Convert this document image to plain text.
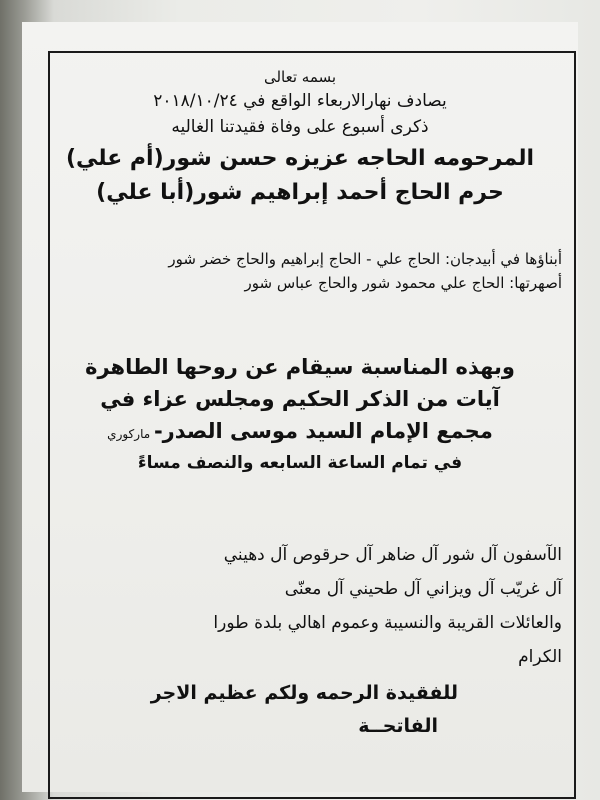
بسمه تعالى
يصادف نهارالاربعاء الواقع في ٢٠١٨/١٠/٢٤
ذكرى أسبوع على وفاة فقيدتنا الغاليه
المرحومه الحاجه عزيزه حسن شور(أم علي)
حرم الحاج أحمد إبراهيم شور(أبا علي)
أبناؤها في أبيدجان: الحاج علي - الحاج إبراهيم والحاج خضر شور
أصهرتها: الحاج علي محمود شور والحاج عباس شور
وبهذه المناسبة سيقام عن روحها الطاهرة
آيات من الذكر الحكيم ومجلس عزاء في
مجمع الإمام السيد موسى الصدر- ماركوري
في تمام الساعة السابعه والنصف مساءً
الآسفون آل شور آل ضاهر آل حرقوص آل دهيني
آل غريّب آل ويزاني آل طحيني آل معنّى
والعائلات القريبة والنسيبة وعموم اهالي بلدة طورا
الكرام
للفقيدة الرحمه ولكم عظيم الاجر
الفاتحــة
